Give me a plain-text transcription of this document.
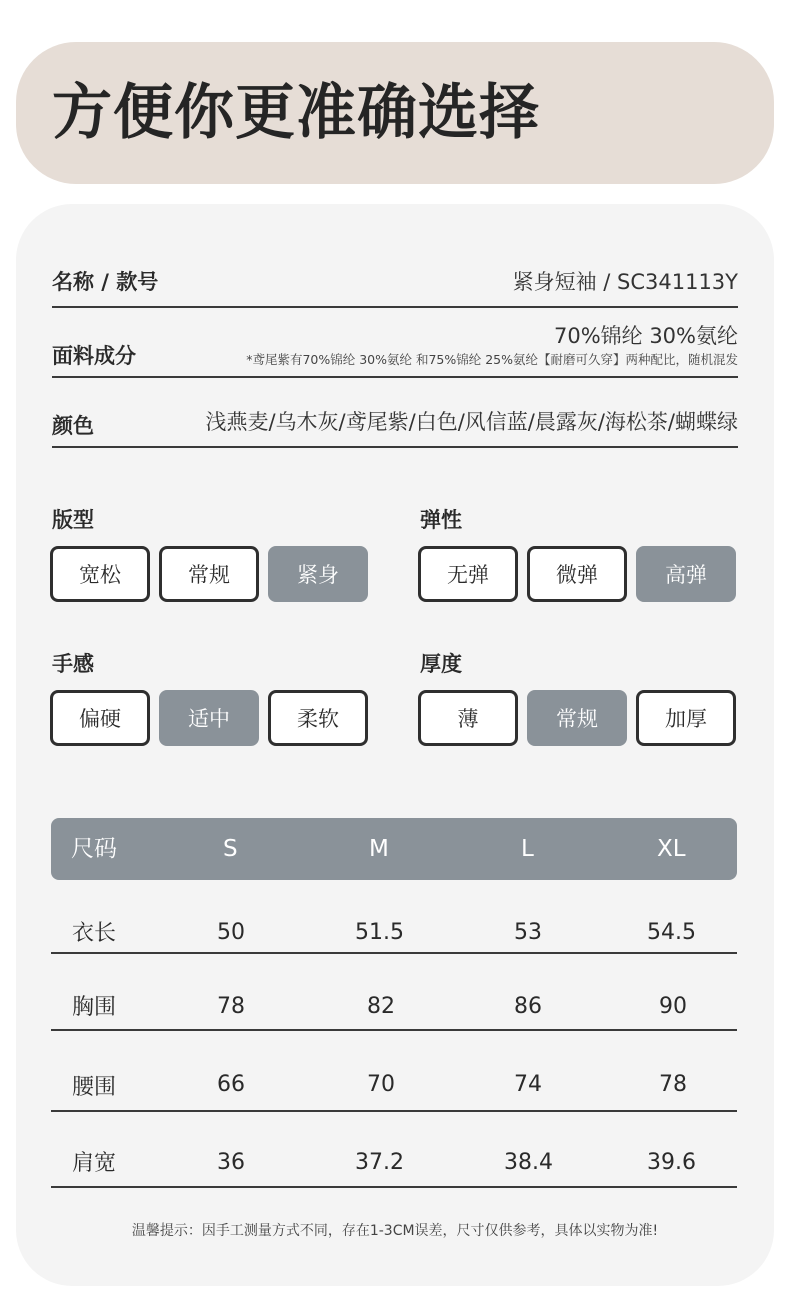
方便你更准确选择
名称 / 款号	紧身短袖 / SC341113Y
面料成分
70%锦纶 30%氨纶
*鸢尾紫有70%锦纶 30%氨纶 和75%锦纶 25%氨纶【耐磨可久穿】两种配比，随机混发
颜色	浅燕麦/乌木灰/鸢尾紫/白色/风信蓝/晨露灰/海松茶/蝴蝶绿
版型
宽松	常规	紧身
弹性
无弹	微弹	高弹
手感
偏硬	适中	柔软
厚度
薄	常规	加厚
尺码	S	M	L	XL
衣长	50	51.5	53	54.5
胸围	78	82	86	90
腰围	66	70	74	78
肩宽	36	37.2	38.4	39.6
温馨提示：因手工测量方式不同，存在1-3CM误差，尺寸仅供参考，具体以实物为准!
